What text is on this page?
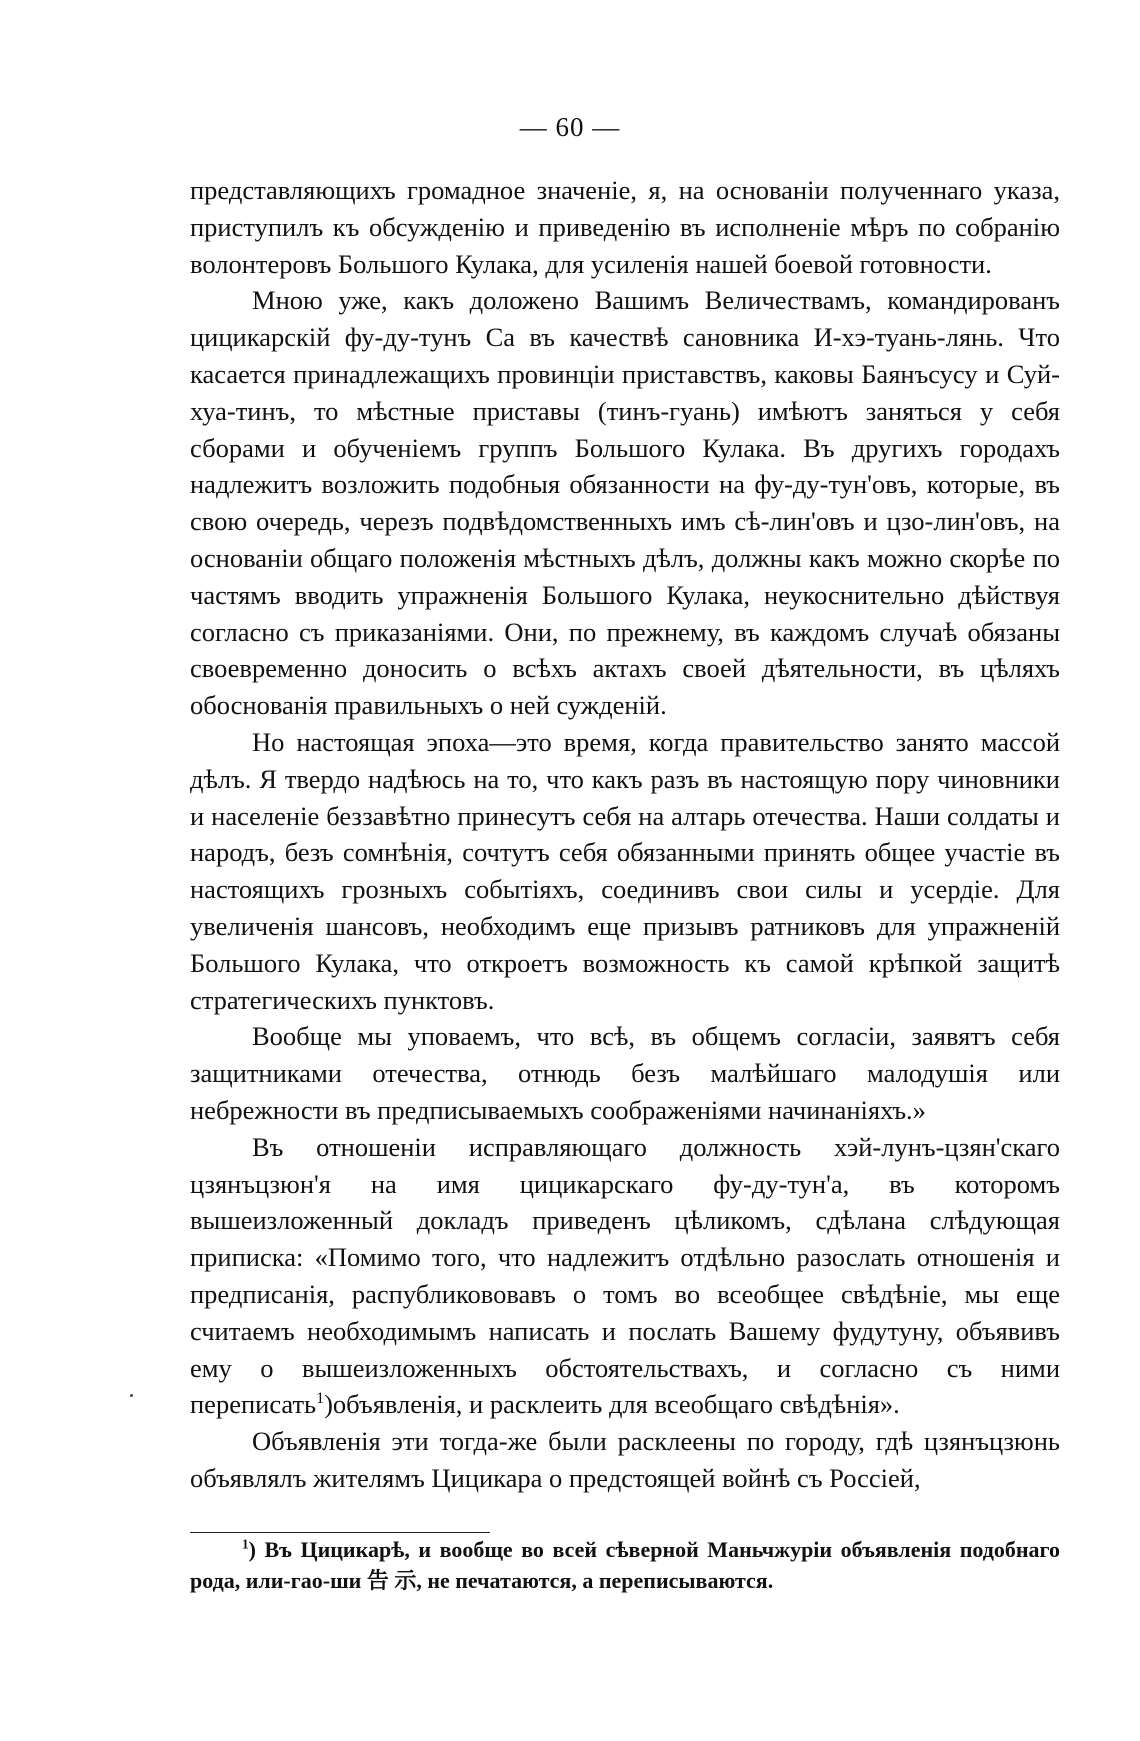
— 60 —

представляющихъ громадное значеніе, я, на основаніи полученнаго указа, приступилъ къ обсужденію и приведенію въ исполненіе мѣръ по собранію волонтеровъ Большого Кулака, для усиленія нашей боевой готовности.

Мною уже, какъ доложено Вашимъ Величествамъ, командированъ цицикарскій фу-ду-тунъ Са въ качествѣ сановника И-хэ-туань-лянь. Что касается принадлежащихъ провинціи приставствъ, каковы Баянъсусу и Суй-хуа-тинъ, то мѣстные приставы (тинъ-гуань) имѣютъ заняться у себя сборами и обученіемъ группъ Большого Кулака. Въ другихъ городахъ надлежитъ возложить подобныя обязанности на фу-ду-тун'овъ, которые, въ свою очередь, черезъ подвѣдомственныхъ имъ сѣ-лин'овъ и цзо-лин'овъ, на основаніи общаго положенія мѣстныхъ дѣлъ, должны какъ можно скорѣе по частямъ вводить упражненія Большого Кулака, неукоснительно дѣйствуя согласно съ приказаніями. Они, по прежнему, въ каждомъ случаѣ обязаны своевременно доносить о всѣхъ актахъ своей дѣятельности, въ цѣляхъ обоснованія правильныхъ о ней сужденій.

Но настоящая эпоха—это время, когда правительство занято массой дѣлъ. Я твердо надѣюсь на то, что какъ разъ въ настоящую пору чиновники и населеніе беззавѣтно принесутъ себя на алтарь отечества. Наши солдаты и народъ, безъ сомнѣнія, сочтутъ себя обязанными принять общее участіе въ настоящихъ грозныхъ событіяхъ, соединивъ свои силы и усердіе. Для увеличенія шансовъ, необходимъ еще призывъ ратниковъ для упражненій Большого Кулака, что откроетъ возможность къ самой крѣпкой защитѣ стратегическихъ пунктовъ.

Вообще мы уповаемъ, что всѣ, въ общемъ согласіи, заявятъ себя защитниками отечества, отнюдь безъ малѣйшаго малодушія или небрежности въ предписываемыхъ соображеніями начинаніяхъ.»

Въ отношеніи исправляющаго должность хэй-лунъ-цзян'скаго цзянъцзюн'я на имя цицикарскаго фу-ду-тун'а, въ которомъ вышеизложенный докладъ приведенъ цѣликомъ, сдѣлана слѣдующая приписка: «Помимо того, что надлежитъ отдѣльно разослать отношенія и предписанія, распубликововавъ о томъ во всеобщее свѣдѣніе, мы еще считаемъ необходимымъ написать и послать Вашему фудутуну, объявивъ ему о вышеизложенныхъ обстоятельствахъ, и согласно съ ними переписать$^1$)объявленія, и расклеить для всеобщаго свѣдѣнія».

Объявленія эти тогда-же были расклеены по городу, гдѣ цзянъцзюнь объявлялъ жителямъ Цицикара о предстоящей войнѣ съ Россіей,

$^1$) Въ Цицикарѣ, и вообще во всей сѣверной Маньчжуріи объявленія подобнаго рода, или-гао-ши 告 示, не печатаются, а переписываются.
